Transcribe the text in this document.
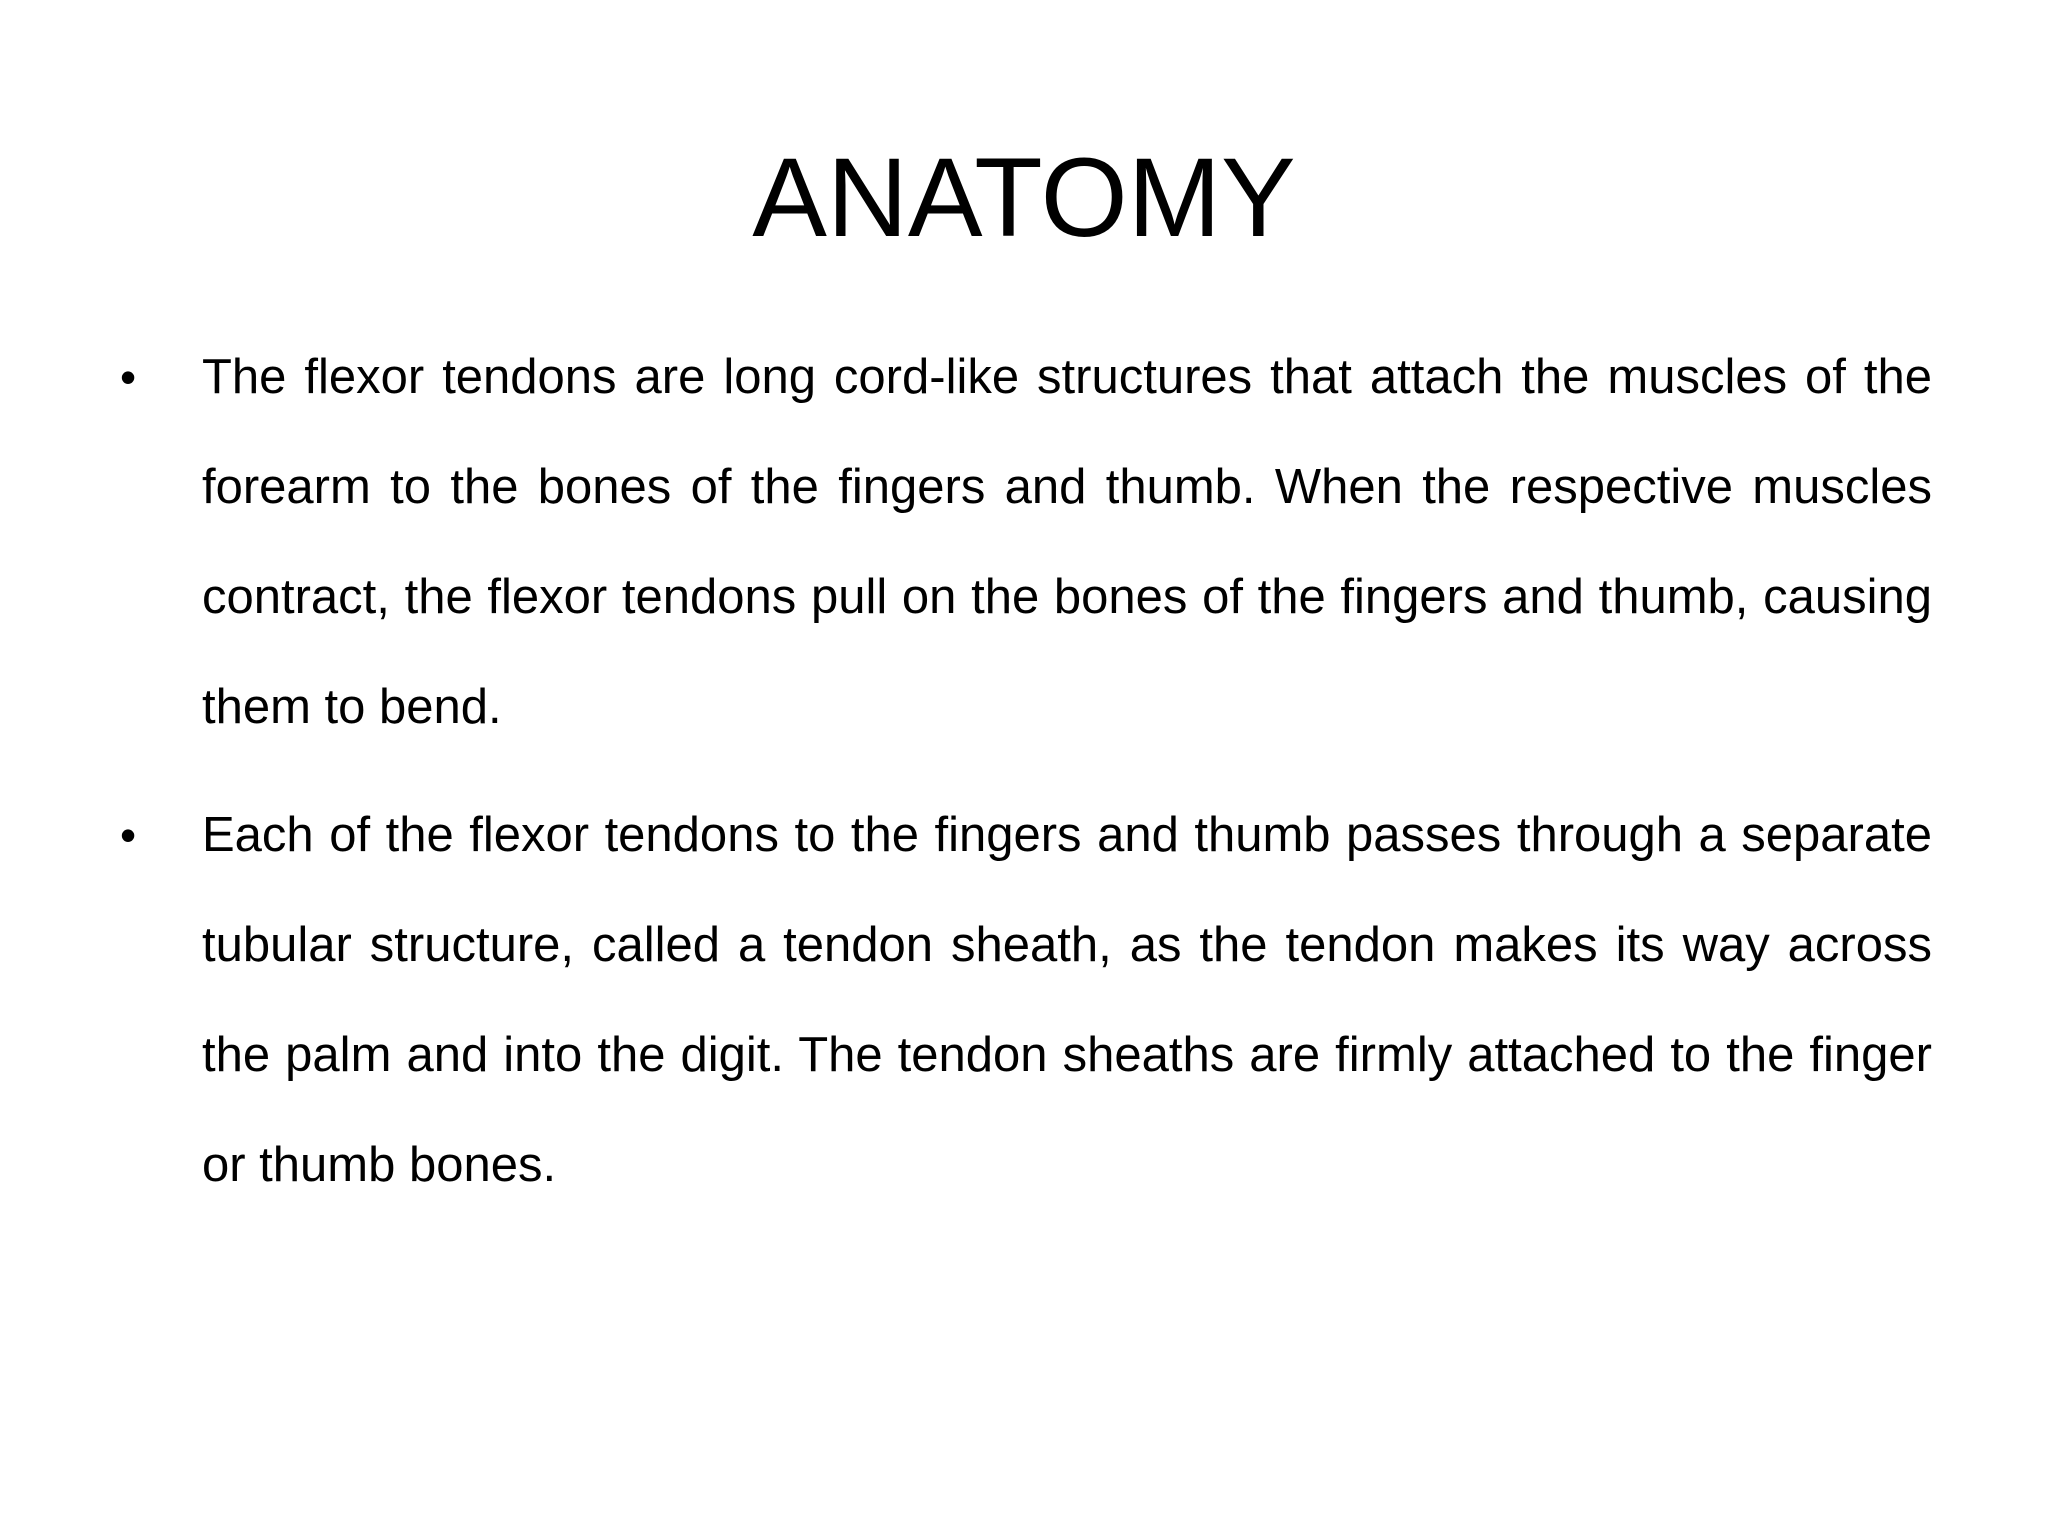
ANATOMY
• The flexor tendons are long cord-like structures that attach the muscles of the forearm to the bones of the fingers and thumb. When the respective muscles contract, the flexor tendons pull on the bones of the fingers and thumb, causing them to bend.
• Each of the flexor tendons to the fingers and thumb passes through a separate tubular structure, called a tendon sheath, as the tendon makes its way across the palm and into the digit. The tendon sheaths are firmly attached to the finger or thumb bones.
